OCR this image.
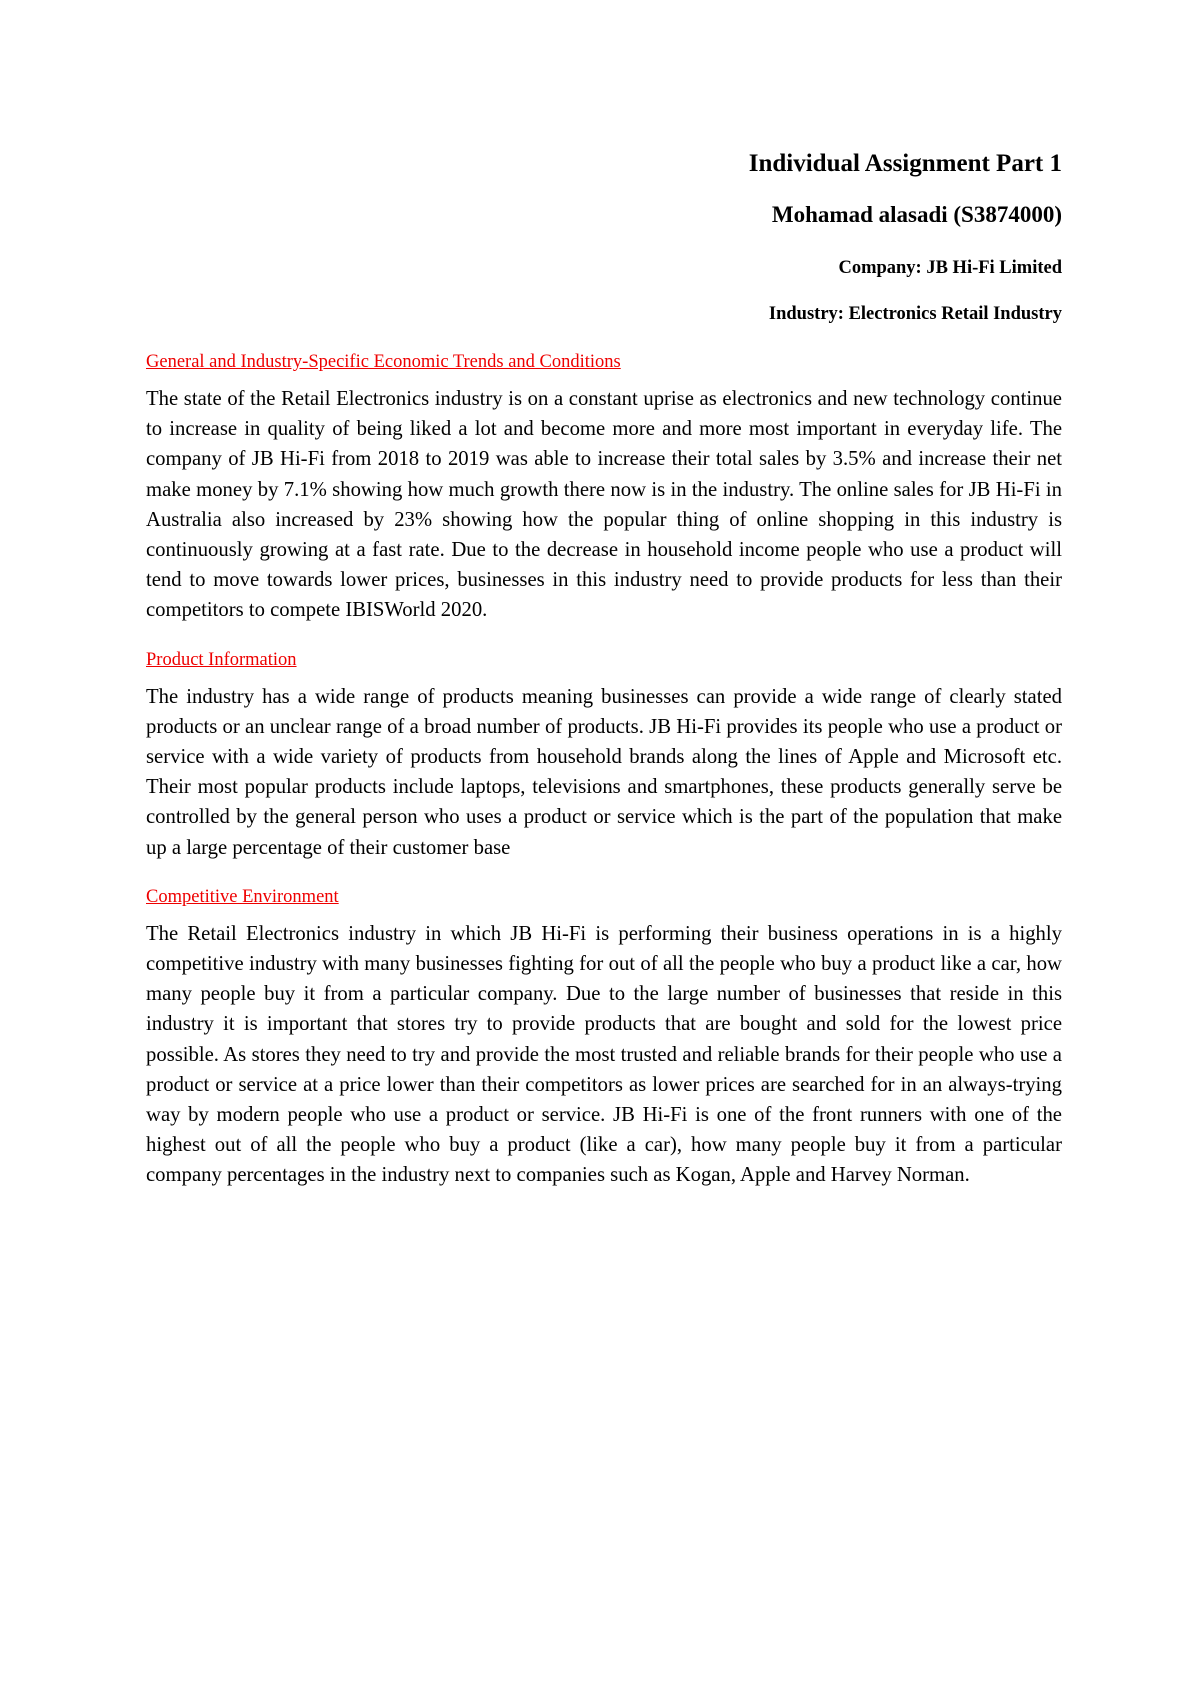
Individual Assignment Part 1

Mohamad alasadi (S3874000)

Company: JB Hi-Fi Limited

Industry: Electronics Retail Industry

General and Industry-Specific Economic Trends and Conditions

The state of the Retail Electronics industry is on a constant uprise as electronics and new technology continue to increase in quality of being liked a lot and become more and more most important in everyday life. The company of JB Hi-Fi from 2018 to 2019 was able to increase their total sales by 3.5% and increase their net make money by 7.1% showing how much growth there now is in the industry. The online sales for JB Hi-Fi in Australia also increased by 23% showing how the popular thing of online shopping in this industry is continuously growing at a fast rate. Due to the decrease in household income people who use a product will tend to move towards lower prices, businesses in this industry need to provide products for less than their competitors to compete IBISWorld 2020.

Product Information

The industry has a wide range of products meaning businesses can provide a wide range of clearly stated products or an unclear range of a broad number of products. JB Hi-Fi provides its people who use a product or service with a wide variety of products from household brands along the lines of Apple and Microsoft etc. Their most popular products include laptops, televisions and smartphones, these products generally serve be controlled by the general person who uses a product or service which is the part of the population that make up a large percentage of their customer base

Competitive Environment

The Retail Electronics industry in which JB Hi-Fi is performing their business operations in is a highly competitive industry with many businesses fighting for out of all the people who buy a product like a car, how many people buy it from a particular company. Due to the large number of businesses that reside in this industry it is important that stores try to provide products that are bought and sold for the lowest price possible. As stores they need to try and provide the most trusted and reliable brands for their people who use a product or service at a price lower than their competitors as lower prices are searched for in an always-trying way by modern people who use a product or service. JB Hi-Fi is one of the front runners with one of the highest out of all the people who buy a product (like a car), how many people buy it from a particular company percentages in the industry next to companies such as Kogan, Apple and Harvey Norman.
